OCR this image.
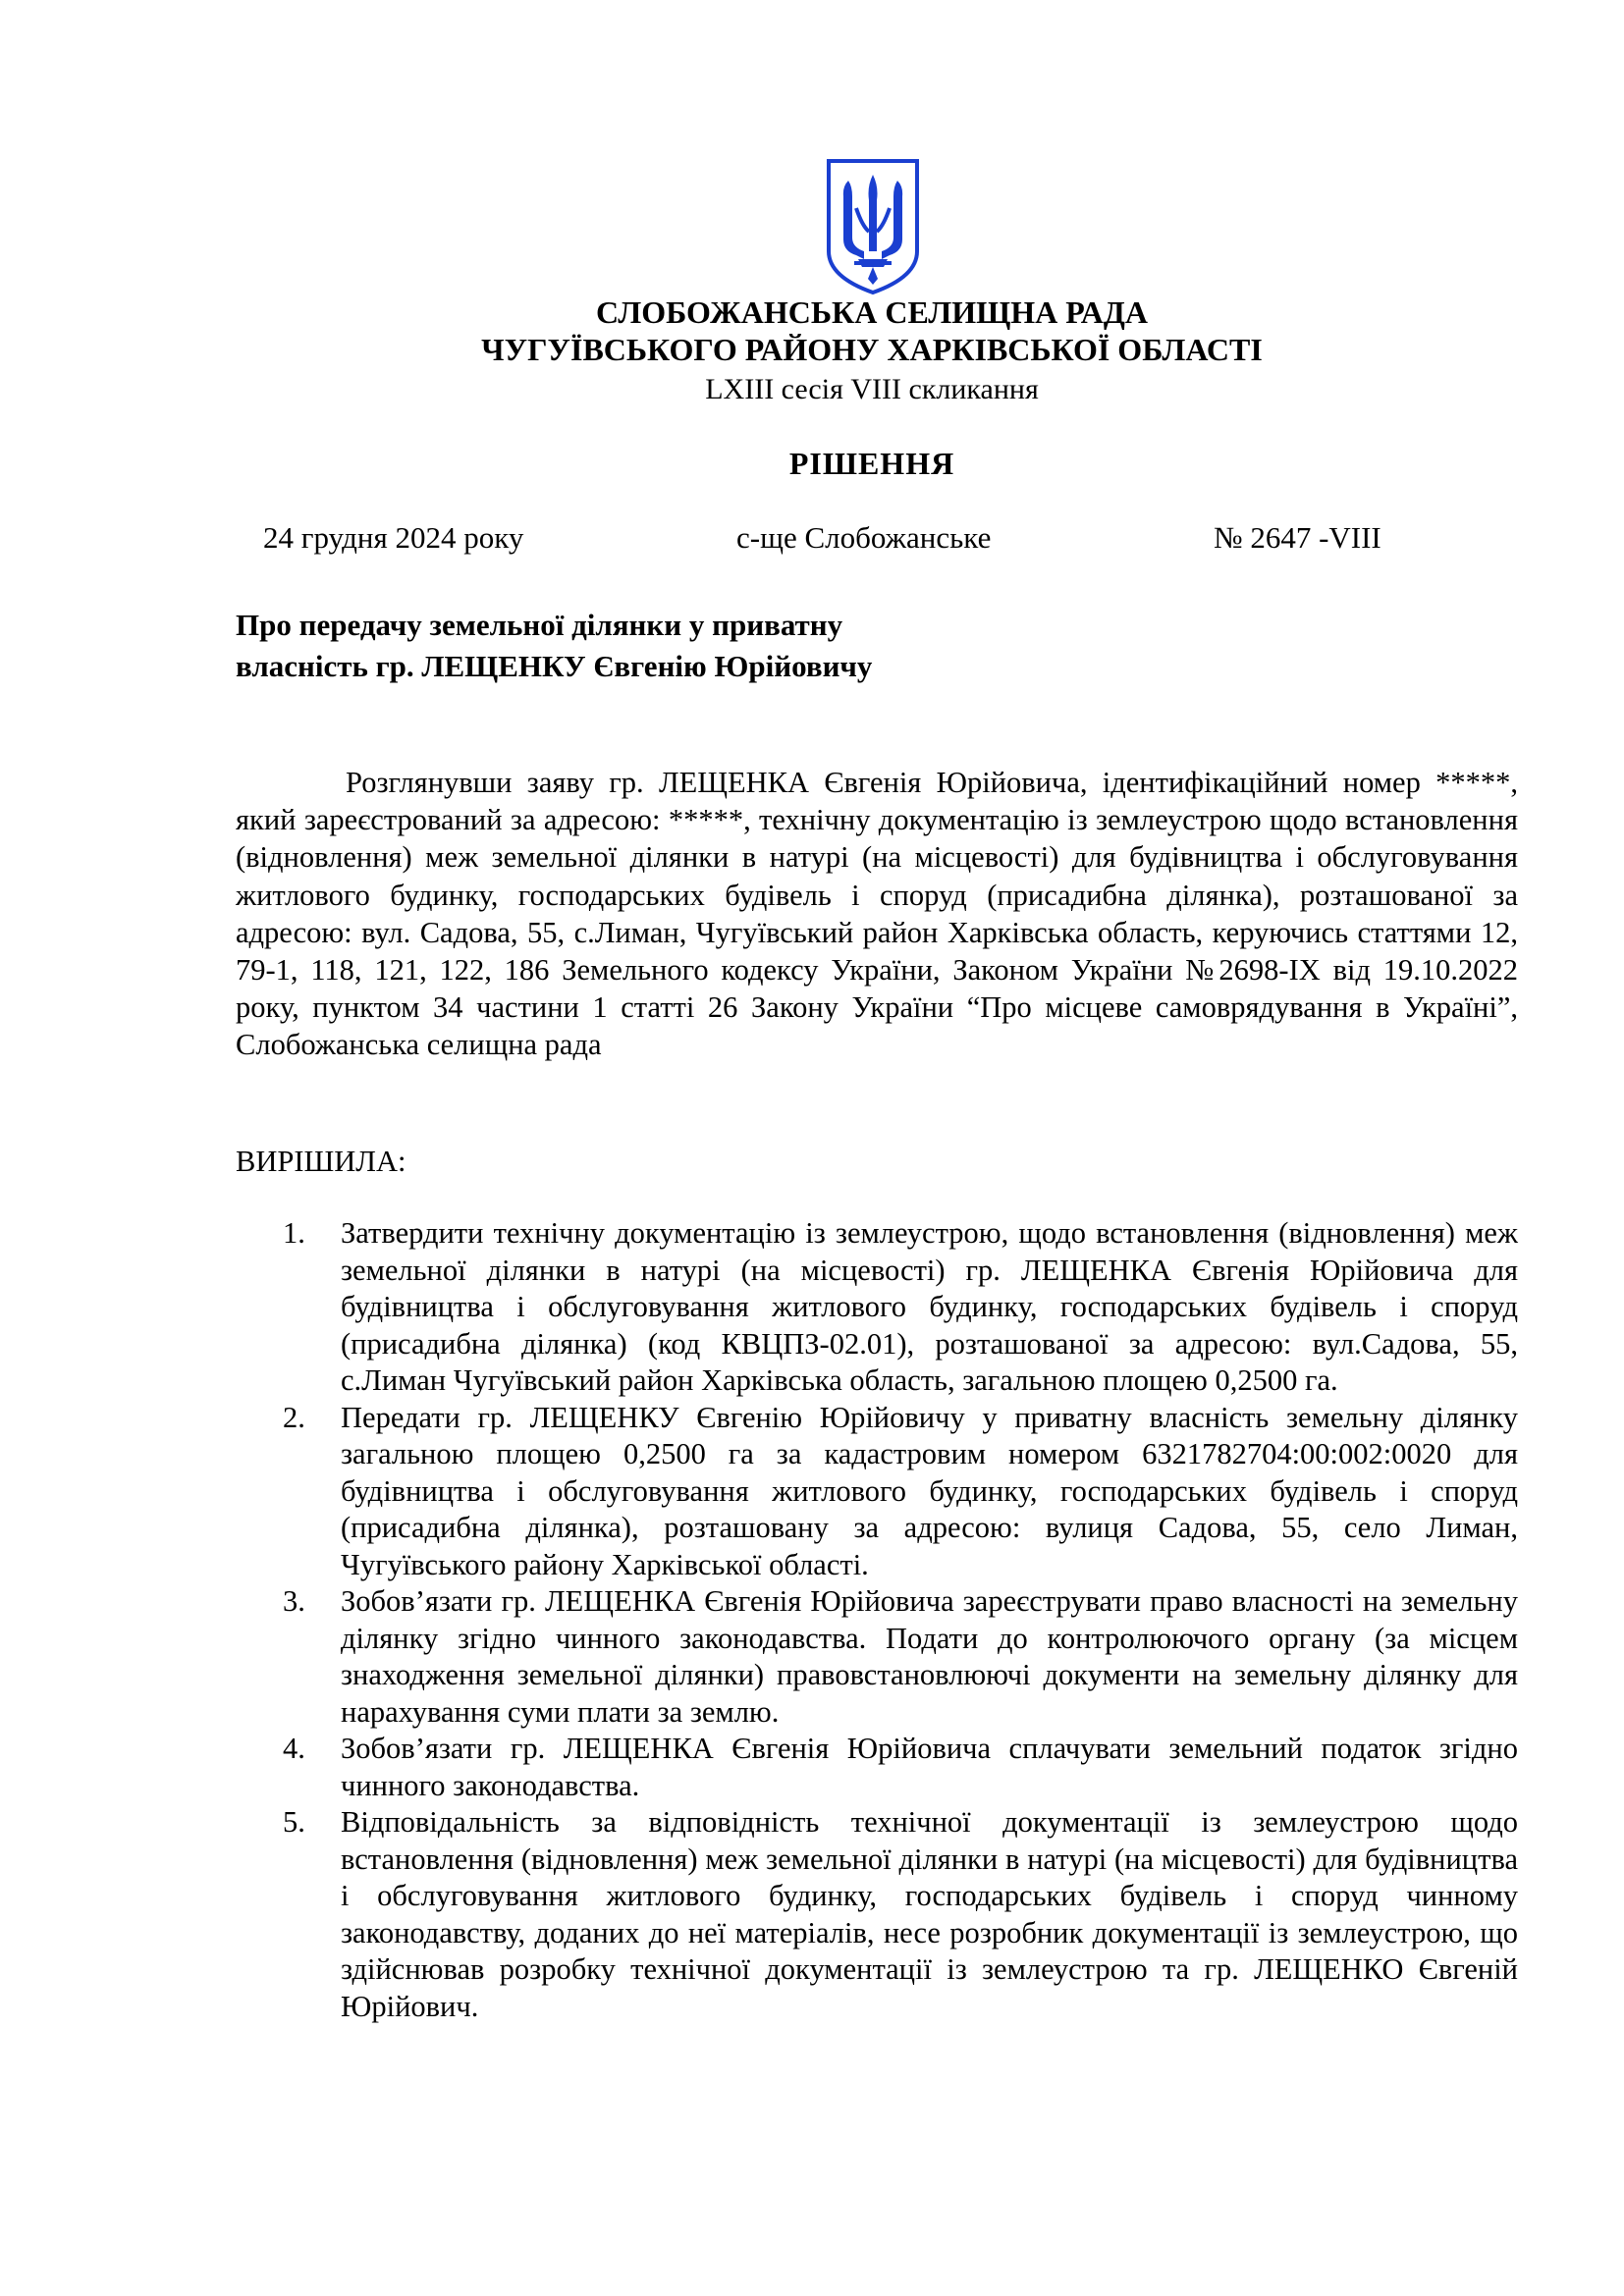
СЛОБОЖАНСЬКА СЕЛИЩНА РАДА
ЧУГУЇВСЬКОГО РАЙОНУ ХАРКІВСЬКОЇ ОБЛАСТІ
LXIII сесія VIII скликання
РІШЕННЯ
24 грудня 2024 року	с-ще Слобожанське	№ 2647 -VIII
Про передачу земельної ділянки у приватну
власність гр. ЛЕЩЕНКУ Євгенію Юрійовичу

Розглянувши заяву гр. ЛЕЩЕНКА Євгенія Юрійовича, ідентифікаційний номер *****, який зареєстрований за адресою: *****, технічну документацію із землеустрою щодо встановлення (відновлення) меж земельної ділянки в натурі (на місцевості) для будівництва і обслуговування житлового будинку, господарських будівель і споруд (присадибна ділянка), розташованої за адресою: вул. Садова, 55, с.Лиман, Чугуївський район Харківська область, керуючись статтями 12, 79-1, 118, 121, 122, 186 Земельного кодексу України, Законом України №2698-IX від 19.10.2022 року, пунктом 34 частини 1 статті 26 Закону України “Про місцеве самоврядування в Україні”, Слобожанська селищна рада

ВИРІШИЛА:
1. Затвердити технічну документацію із землеустрою, щодо встановлення (відновлення) меж земельної ділянки в натурі (на місцевості) гр. ЛЕЩЕНКА Євгенія Юрійовича для будівництва і обслуговування житлового будинку, господарських будівель і споруд (присадибна ділянка) (код КВЦПЗ-02.01), розташованої за адресою: вул.Садова, 55, с.Лиман Чугуївський район Харківська область, загальною площею 0,2500 га.
2. Передати гр. ЛЕЩЕНКУ Євгенію Юрійовичу у приватну власність земельну ділянку загальною площею 0,2500 га за кадастровим номером 6321782704:00:002:0020 для будівництва і обслуговування житлового будинку, господарських будівель і споруд (присадибна ділянка), розташовану за адресою: вулиця Садова, 55, село Лиман, Чугуївського району Харківської області.
3. Зобов’язати гр. ЛЕЩЕНКА Євгенія Юрійовича зареєструвати право власності на земельну ділянку згідно чинного законодавства. Подати до контролюючого органу (за місцем знаходження земельної ділянки) правовстановлюючі документи на земельну ділянку для нарахування суми плати за землю.
4. Зобов’язати гр. ЛЕЩЕНКА Євгенія Юрійовича сплачувати земельний податок згідно чинного законодавства.
5. Відповідальність за відповідність технічної документації із землеустрою щодо встановлення (відновлення) меж земельної ділянки в натурі (на місцевості) для будівництва і обслуговування житлового будинку, господарських будівель і споруд чинному законодавству, доданих до неї матеріалів, несе розробник документації із землеустрою, що здійснював розробку технічної документації із землеустрою та гр. ЛЕЩЕНКО Євгеній Юрійович.
